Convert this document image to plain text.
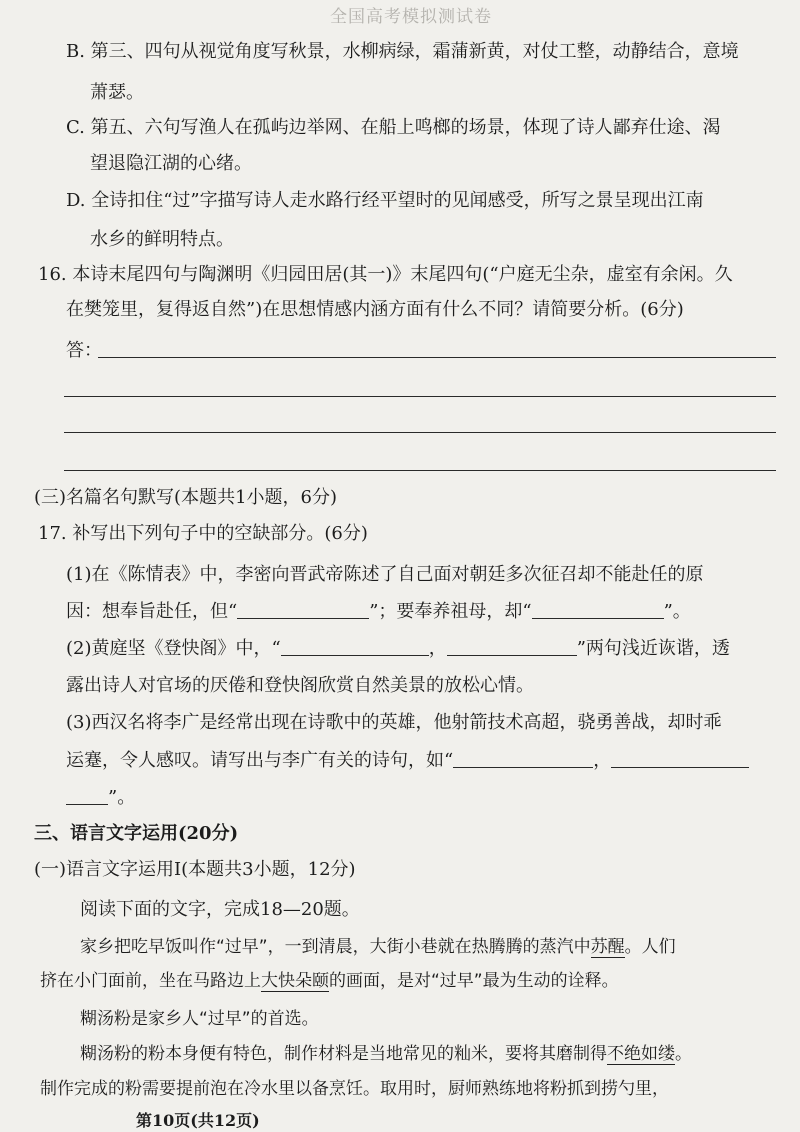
全国高考模拟测试卷
B. 第三、四句从视觉角度写秋景，水柳病绿，霜蒲新黄，对仗工整，动静结合，意境
萧瑟。
C. 第五、六句写渔人在孤屿边举网、在船上鸣榔的场景，体现了诗人鄙弃仕途、渴
望退隐江湖的心绪。
D. 全诗扣住“过”字描写诗人走水路行经平望时的见闻感受，所写之景呈现出江南
水乡的鲜明特点。
16. 本诗末尾四句与陶渊明《归园田居(其一)》末尾四句(“户庭无尘杂，虚室有余闲。久
在樊笼里，复得返自然”)在思想情感内涵方面有什么不同？请简要分析。(6分)
答：
(三)名篇名句默写(本题共1小题，6分)
17. 补写出下列句子中的空缺部分。(6分)
(1)在《陈情表》中，李密向晋武帝陈述了自己面对朝廷多次征召却不能赴任的原
因：想奉旨赴任，但“	”；要奉养祖母，却“	”。
(2)黄庭坚《登快阁》中，“	，	”两句浅近诙谐，透
露出诗人对官场的厌倦和登快阁欣赏自然美景的放松心情。
(3)西汉名将李广是经常出现在诗歌中的英雄，他射箭技术高超，骁勇善战，却时乖
运蹇，令人感叹。请写出与李广有关的诗句，如“	，
”。
三、语言文字运用(20分)
(一)语言文字运用Ⅰ(本题共3小题，12分)
阅读下面的文字，完成18—20题。
家乡把吃早饭叫作“过早”，一到清晨，大街小巷就在热腾腾的蒸汽中苏醒。人们
挤在小门面前，坐在马路边上大快朵颐的画面，是对“过早”最为生动的诠释。
糊汤粉是家乡人“过早”的首选。
糊汤粉的粉本身便有特色，制作材料是当地常见的籼米，要将其磨制得不绝如缕。
制作完成的粉需要提前泡在冷水里以备烹饪。取用时，厨师熟练地将粉抓到捞勺里，
第10页(共12页)
